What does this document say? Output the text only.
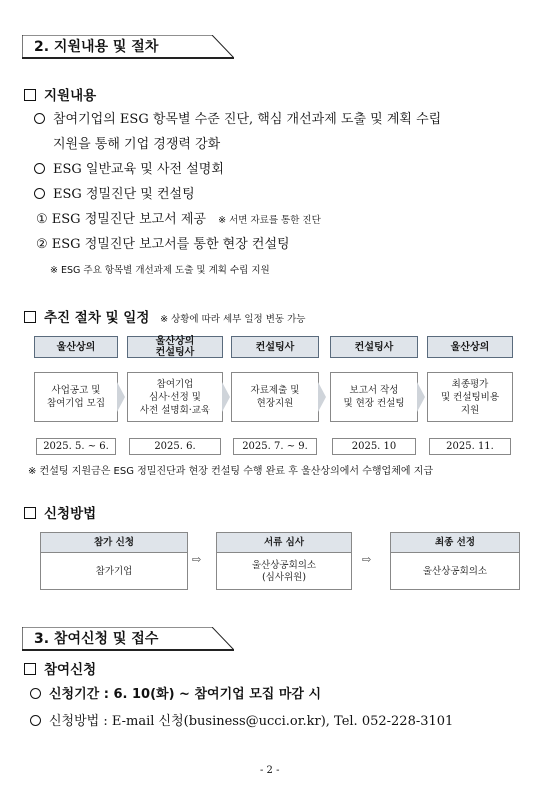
2. 지원내용 및 절차
지원내용
참여기업의 ESG 항목별 수준 진단, 핵심 개선과제 도출 및 계획 수립
지원을 통해 기업 경쟁력 강화
ESG 일반교육 및 사전 설명회
ESG 정밀진단 및 컨설팅
① ESG 정밀진단 보고서 제공 ※ 서면 자료를 통한 진단
② ESG 정밀진단 보고서를 통한 현장 컨설팅
※ ESG 주요 항목별 개선과제 도출 및 계획 수립 지원
추진 절차 및 일정 ※ 상황에 따라 세부 일정 변동 가능
울산상의
사업공고 및
참여기업 모집
2025. 5. ~ 6.
울산상의
컨설팅사
참여기업
심사·선정 및
사전 설명회·교육
2025. 6.
컨설팅사
자료제출 및
현장지원
2025. 7. ~ 9.
컨설팅사
보고서 작성
및 현장 컨설팅
2025. 10
울산상의
최종평가
및 컨설팅비용
지원
2025. 11.
※ 컨설팅 지원금은 ESG 정밀진단과 현장 컨설팅 수행 완료 후 울산상의에서 수행업체에 지급
신청방법
참가 신청
참가기업
⇨
서류 심사
울산상공회의소
(심사위원)
⇨
최종 선정
울산상공회의소
3. 참여신청 및 접수
참여신청
신청기간 : 6. 10(화) ~ 참여기업 모집 마감 시
신청방법 : E-mail 신청(business@ucci.or.kr), Tel. 052-228-3101
- 2 -
